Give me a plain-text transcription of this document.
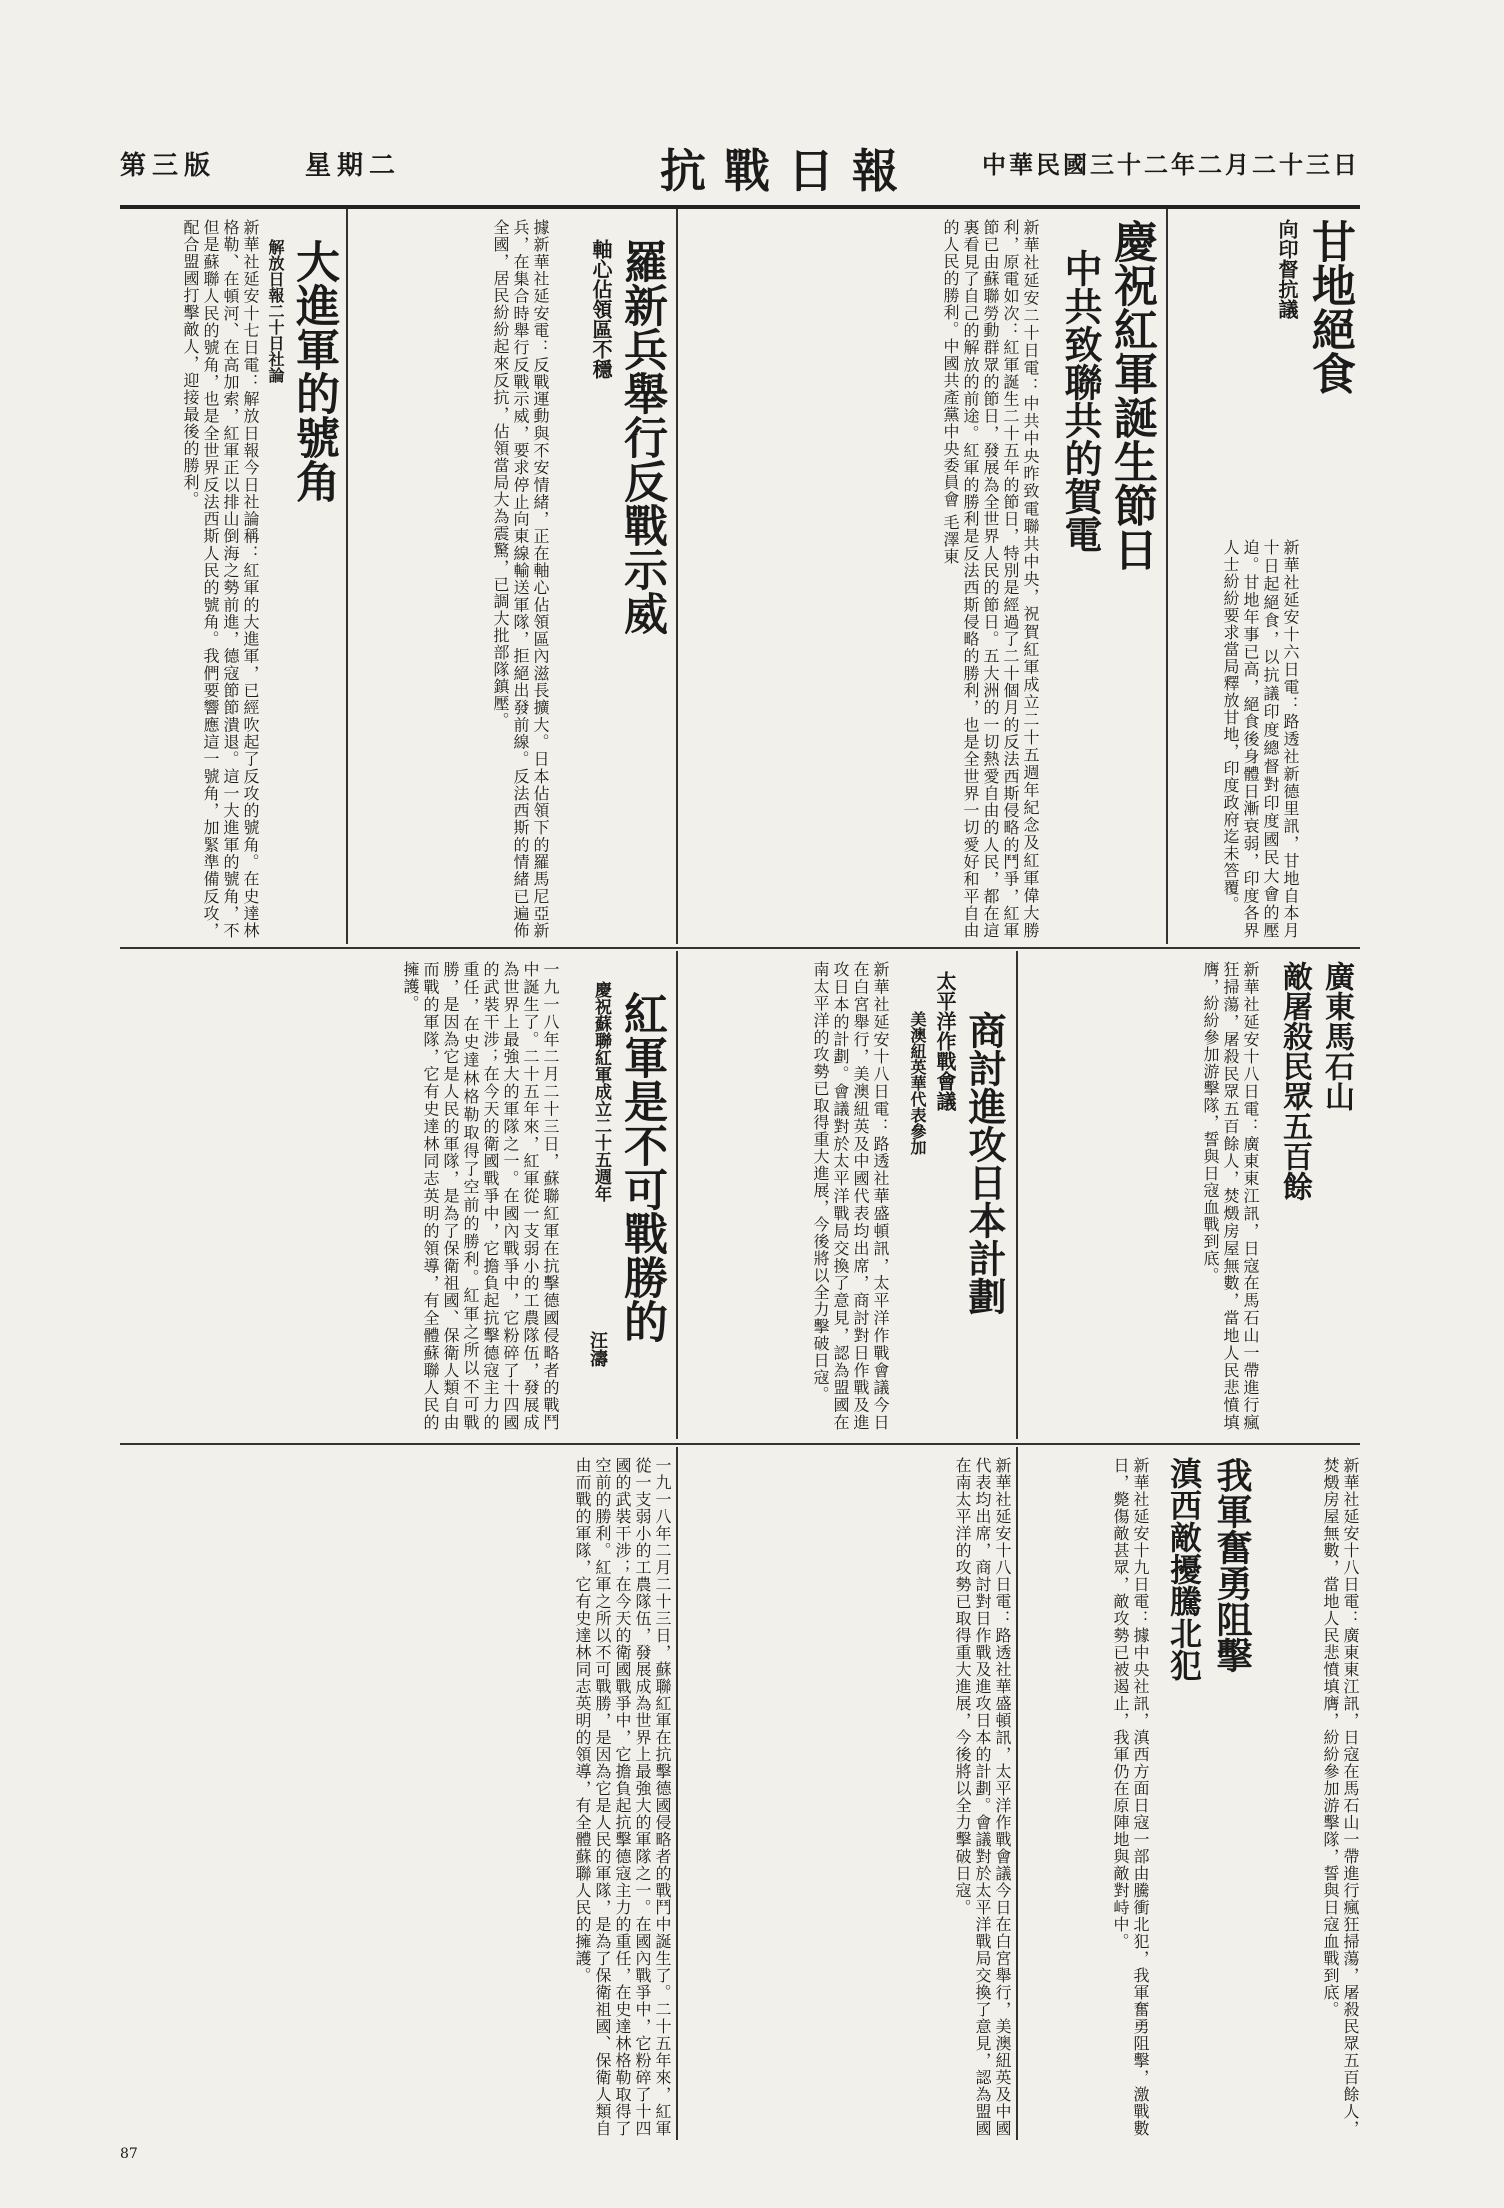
第三版	星期二	抗戰日報	中華民國三十二年二月二十三日
甘地絕食
向印督抗議
新華社延安十六日電：路透社新德里訊，甘地自本月十日起絕食，以抗議印度總督對印度國民大會的壓迫。甘地年事已高，絕食後身體日漸衰弱，印度各界人士紛紛要求當局釋放甘地，印度政府迄未答覆。
慶祝紅軍誕生節日
中共致聯共的賀電
新華社延安二十日電：中共中央昨致電聯共中央，祝賀紅軍成立二十五週年紀念及紅軍偉大勝利，原電如次：紅軍誕生二十五年的節日，特別是經過了二十個月的反法西斯侵略的鬥爭，紅軍節已由蘇聯勞動群眾的節日，發展為全世界人民的節日。五大洲的一切熱愛自由的人民，都在這裏看見了自己的解放的前途。紅軍的勝利是反法西斯侵略的勝利，也是全世界一切愛好和平自由的人民的勝利。中國共產黨中央委員會 毛澤東
羅新兵舉行反戰示威
軸心佔領區不穩
據新華社延安電：反戰運動與不安情緒，正在軸心佔領區內滋長擴大。日本佔領下的羅馬尼亞新兵，在集合時舉行反戰示威，要求停止向東線輸送軍隊，拒絕出發前線。反法西斯的情緒已遍佈全國，居民紛紛起來反抗，佔領當局大為震驚，已調大批部隊鎮壓。
大進軍的號角
解放日報二十日社論
新華社延安十七日電：解放日報今日社論稱：紅軍的大進軍，已經吹起了反攻的號角。在史達林格勒、在頓河、在高加索，紅軍正以排山倒海之勢前進，德寇節節潰退。這一大進軍的號角，不但是蘇聯人民的號角，也是全世界反法西斯人民的號角。我們要響應這一號角，加緊準備反攻，配合盟國打擊敵人，迎接最後的勝利。
廣東馬石山
敵屠殺民眾五百餘
新華社延安十八日電：廣東東江訊，日寇在馬石山一帶進行瘋狂掃蕩，屠殺民眾五百餘人，焚燬房屋無數，當地人民悲憤填膺，紛紛參加游擊隊，誓與日寇血戰到底。
商討進攻日本計劃
太平洋作戰會議
美澳紐英華代表參加
新華社延安十八日電：路透社華盛頓訊，太平洋作戰會議今日在白宮舉行，美澳紐英及中國代表均出席，商討對日作戰及進攻日本的計劃。會議對於太平洋戰局交換了意見，認為盟國在南太平洋的攻勢已取得重大進展，今後將以全力擊破日寇。
紅軍是不可戰勝的
慶祝蘇聯紅軍成立二十五週年
汪濤
一九一八年二月二十三日，蘇聯紅軍在抗擊德國侵略者的戰鬥中誕生了。二十五年來，紅軍從一支弱小的工農隊伍，發展成為世界上最強大的軍隊之一。在國內戰爭中，它粉碎了十四國的武裝干涉；在今天的衛國戰爭中，它擔負起抗擊德寇主力的重任，在史達林格勒取得了空前的勝利。紅軍之所以不可戰勝，是因為它是人民的軍隊，是為了保衛祖國、保衛人類自由而戰的軍隊，它有史達林同志英明的領導，有全體蘇聯人民的擁護。
我軍奮勇阻擊
滇西敵擾騰北犯
新華社延安十九日電：據中央社訊，滇西方面日寇一部由騰衝北犯，我軍奮勇阻擊，激戰數日，斃傷敵甚眾，敵攻勢已被遏止，我軍仍在原陣地與敵對峙中。	新華社延安十八日電：廣東東江訊，日寇在馬石山一帶進行瘋狂掃蕩，屠殺民眾五百餘人，焚燬房屋無數，當地人民悲憤填膺，紛紛參加游擊隊，誓與日寇血戰到底。
新華社延安十八日電：路透社華盛頓訊，太平洋作戰會議今日在白宮舉行，美澳紐英及中國代表均出席，商討對日作戰及進攻日本的計劃。會議對於太平洋戰局交換了意見，認為盟國在南太平洋的攻勢已取得重大進展，今後將以全力擊破日寇。
一九一八年二月二十三日，蘇聯紅軍在抗擊德國侵略者的戰鬥中誕生了。二十五年來，紅軍從一支弱小的工農隊伍，發展成為世界上最強大的軍隊之一。在國內戰爭中，它粉碎了十四國的武裝干涉；在今天的衛國戰爭中，它擔負起抗擊德寇主力的重任，在史達林格勒取得了空前的勝利。紅軍之所以不可戰勝，是因為它是人民的軍隊，是為了保衛祖國、保衛人類自由而戰的軍隊，它有史達林同志英明的領導，有全體蘇聯人民的擁護。
87
